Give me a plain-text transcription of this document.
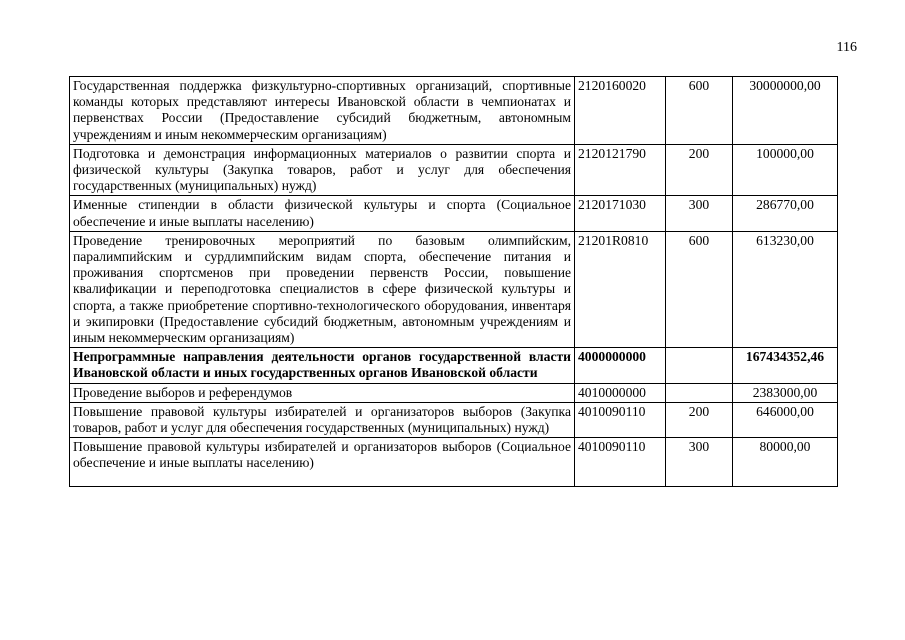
116
Государственная поддержка физкультурно-спортивных организаций, спортивные команды которых представляют интересы Ивановской области в чемпионатах и первенствах России (Предоставление субсидий бюджетным, автономным учреждениям и иным некоммерческим организациям)	2120160020	600	30000000,00
Подготовка и демонстрация информационных материалов о развитии спорта и физической культуры (Закупка товаров, работ и услуг для обеспечения государственных (муниципальных) нужд)	2120121790	200	100000,00
Именные стипендии в области физической культуры и спорта (Социальное обеспечение и иные выплаты населению)	2120171030	300	286770,00
Проведение тренировочных мероприятий по базовым олимпийским, паралимпийским и сурдлимпийским видам спорта, обеспечение питания и проживания спортсменов при проведении первенств России, повышение квалификации и переподготовка специалистов в сфере физической культуры и спорта, а также приобретение спортивно-технологического оборудования, инвентаря и экипировки (Предоставление субсидий бюджетным, автономным учреждениям и иным некоммерческим организациям)	21201R0810	600	613230,00
Непрограммные направления деятельности органов государственной власти Ивановской области и иных государственных органов Ивановской области	4000000000		167434352,46
Проведение выборов и референдумов	4010000000		2383000,00
Повышение правовой культуры избирателей и организаторов выборов (Закупка товаров, работ и услуг для обеспечения государственных (муниципальных) нужд)	4010090110	200	646000,00
Повышение правовой культуры избирателей и организаторов выборов (Социальное обеспечение и иные выплаты населению)	4010090110	300	80000,00
